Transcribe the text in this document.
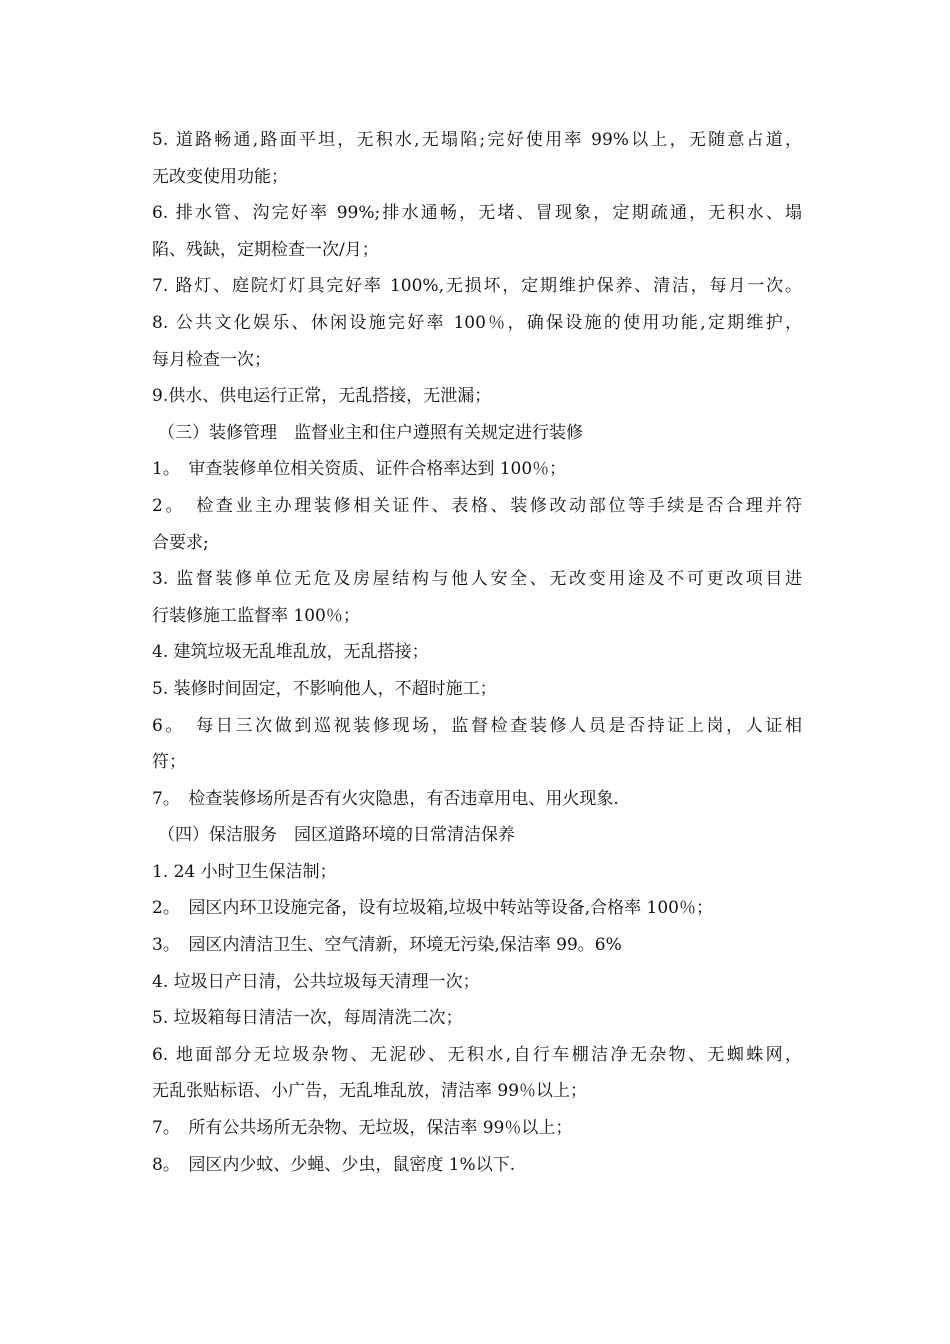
5. 道路畅通,路面平坦，无积水,无塌陷;完好使用率 99%以上，无随意占道，
无改变使用功能；
6. 排水管、沟完好率 99%;排水通畅，无堵、冒现象，定期疏通，无积水、塌
陷、残缺，定期检查一次/月；
7. 路灯、庭院灯灯具完好率 100%,无损坏，定期维护保养、清洁，每月一次。
8. 公共文化娱乐、休闲设施完好率 100％，确保设施的使用功能,定期维护，
每月检查一次；
9.供水、供电运行正常，无乱搭接，无泄漏；
（三）装修管理　监督业主和住户遵照有关规定进行装修
1。　审查装修单位相关资质、证件合格率达到 100％；
2。　检查业主办理装修相关证件、表格、装修改动部位等手续是否合理并符
合要求;
3. 监督装修单位无危及房屋结构与他人安全、无改变用途及不可更改项目进
行装修施工监督率 100％；
4. 建筑垃圾无乱堆乱放，无乱搭接；
5. 装修时间固定，不影响他人，不超时施工；
6。　每日三次做到巡视装修现场，监督检查装修人员是否持证上岗，人证相
符；
7。　检查装修场所是否有火灾隐患，有否违章用电、用火现象.
（四）保洁服务　园区道路环境的日常清洁保养
1. 24 小时卫生保洁制；
2。　园区内环卫设施完备，设有垃圾箱,垃圾中转站等设备,合格率 100％；
3。　园区内清洁卫生、空气清新，环境无污染,保洁率 99。6%
4. 垃圾日产日清，公共垃圾每天清理一次；
5. 垃圾箱每日清洁一次，每周清洗二次；
6. 地面部分无垃圾杂物、无泥砂、无积水,自行车棚洁净无杂物、无蜘蛛网，
无乱张贴标语、小广告，无乱堆乱放，清洁率 99％以上；
7。　所有公共场所无杂物、无垃圾，保洁率 99％以上；
8。　园区内少蚊、少蝇、少虫，鼠密度 1%以下.
